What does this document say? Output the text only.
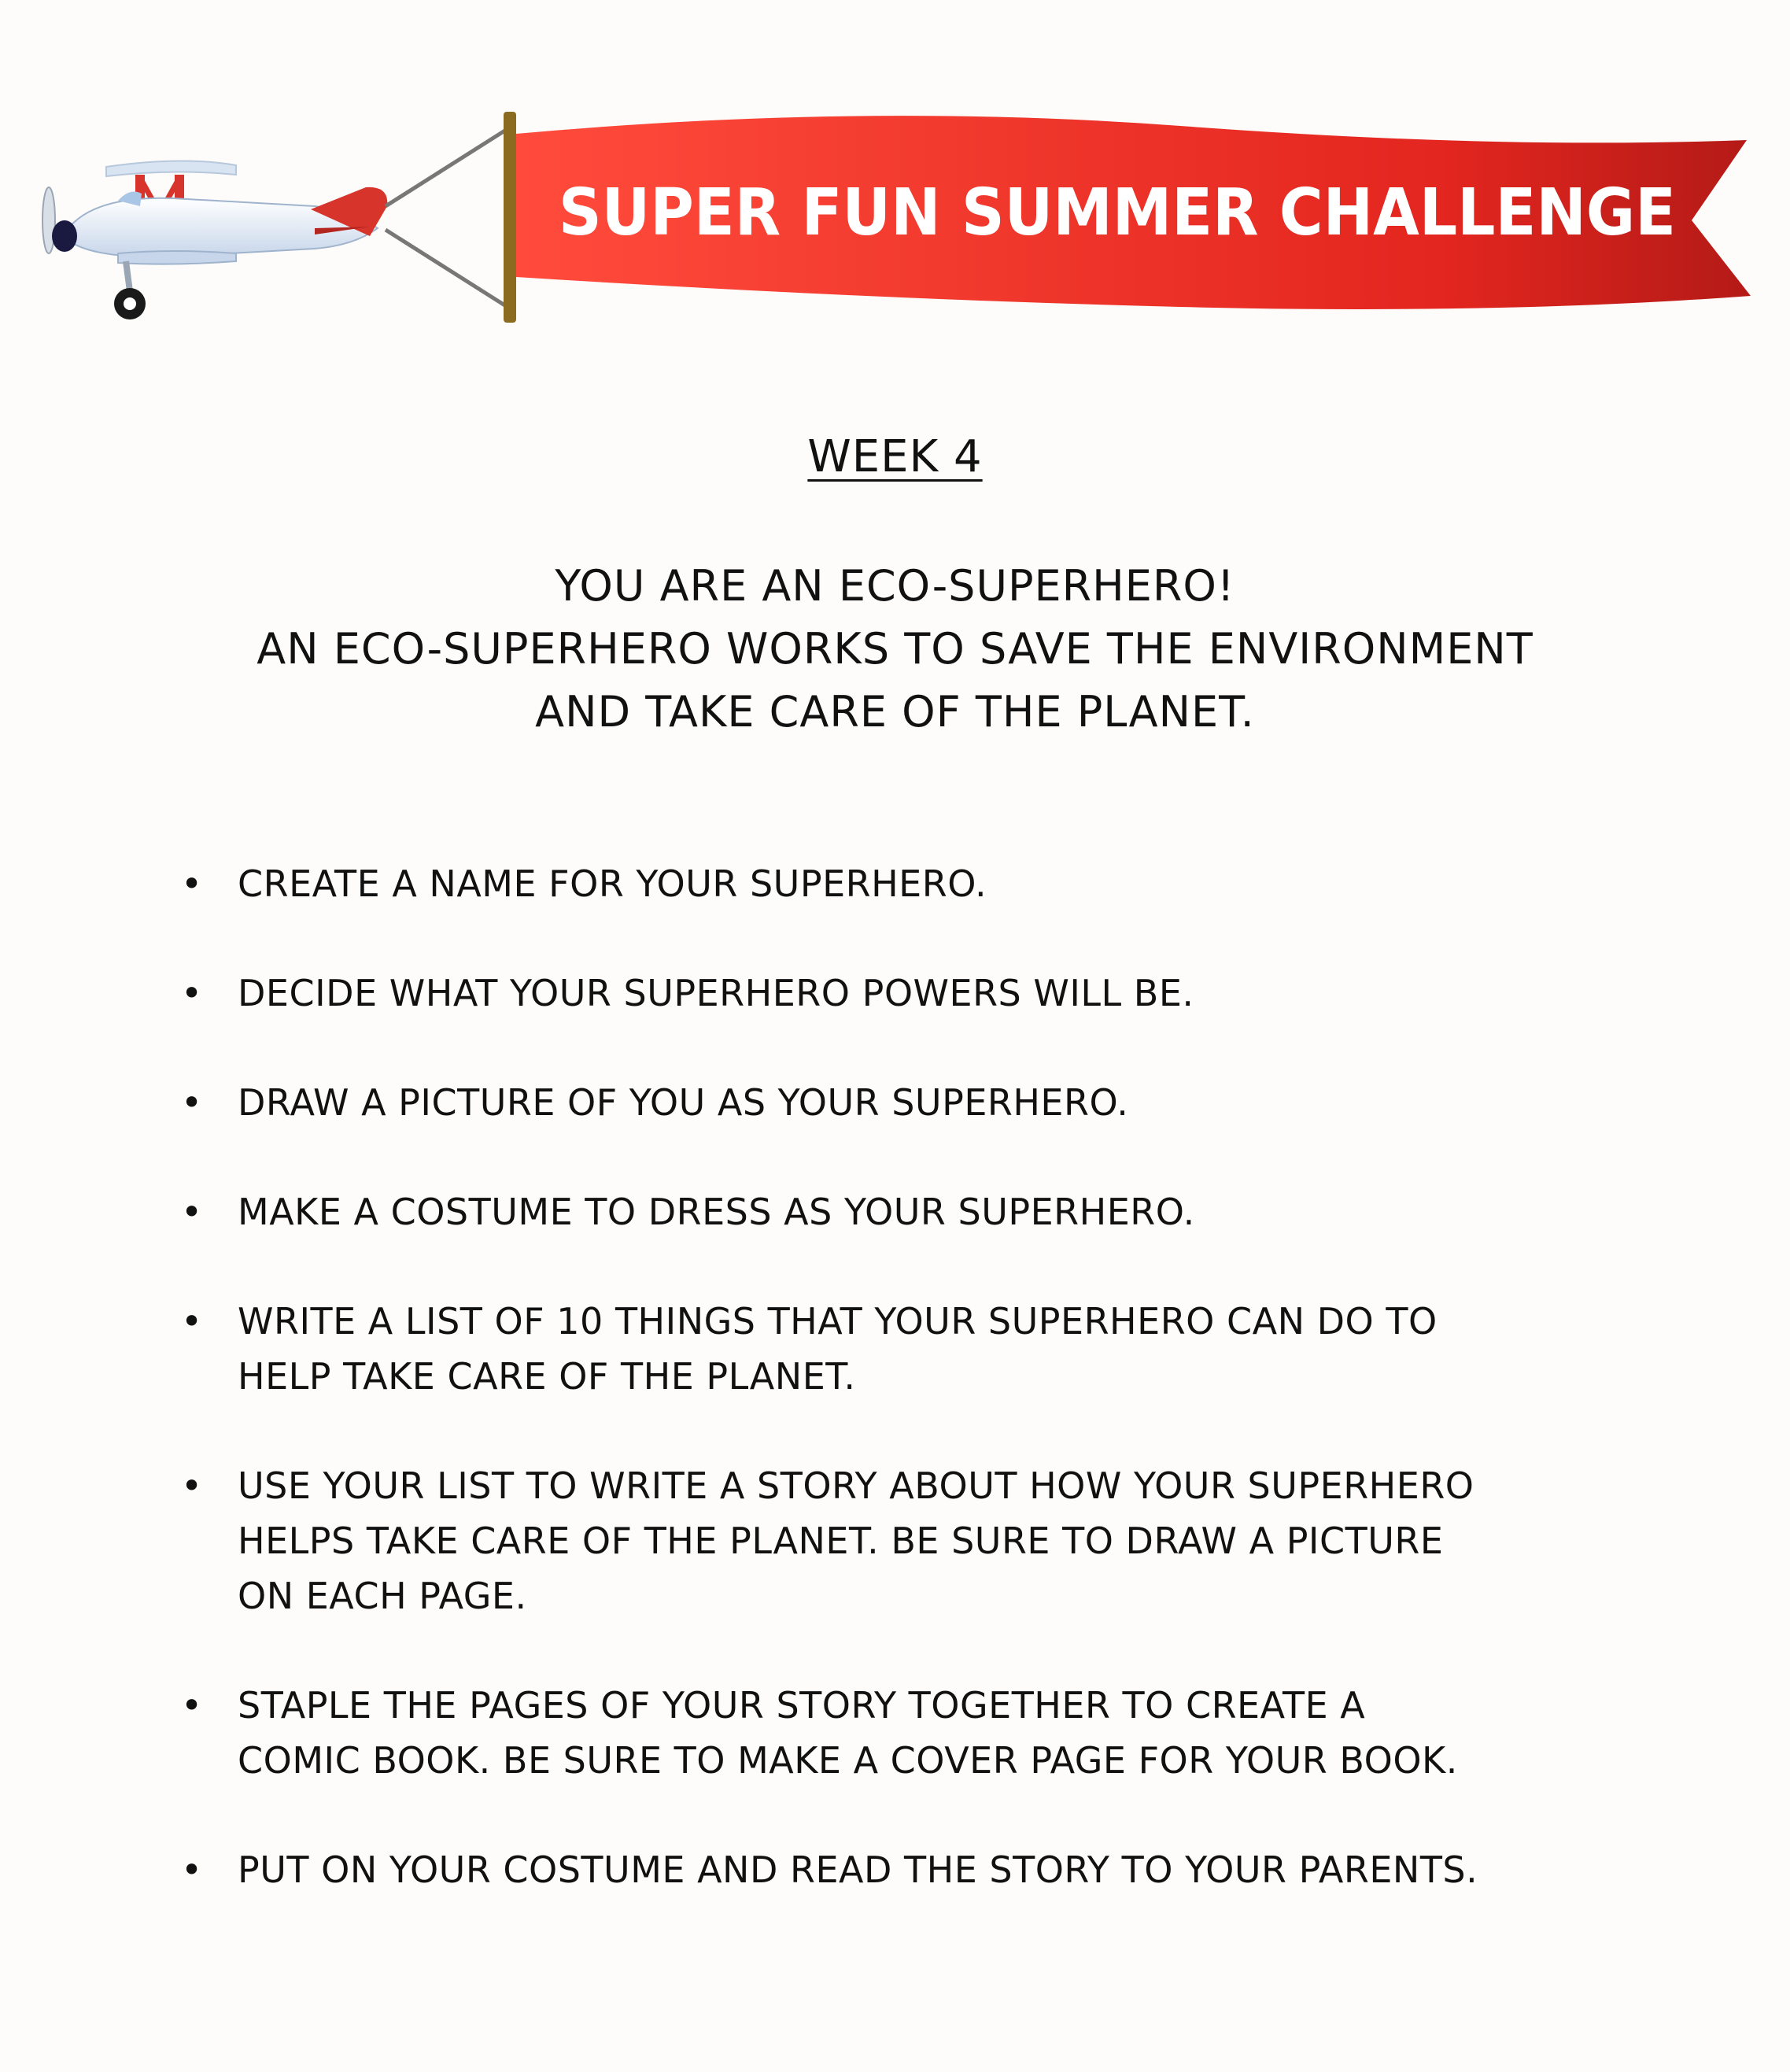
SUPER FUN SUMMER CHALLENGE
WEEK 4
YOU ARE AN ECO-SUPERHERO!
AN ECO-SUPERHERO WORKS TO SAVE THE ENVIRONMENT
AND TAKE CARE OF THE PLANET.
• CREATE A NAME FOR YOUR SUPERHERO.
• DECIDE WHAT YOUR SUPERHERO POWERS WILL BE.
• DRAW A PICTURE OF YOU AS YOUR SUPERHERO.
• MAKE A COSTUME TO DRESS AS YOUR SUPERHERO.
• WRITE A LIST OF 10 THINGS THAT YOUR SUPERHERO CAN DO TO
HELP TAKE CARE OF THE PLANET.
• USE YOUR LIST TO WRITE A STORY ABOUT HOW YOUR SUPERHERO
HELPS TAKE CARE OF THE PLANET. BE SURE TO DRAW A PICTURE
ON EACH PAGE.
• STAPLE THE PAGES OF YOUR STORY TOGETHER TO CREATE A
COMIC BOOK. BE SURE TO MAKE A COVER PAGE FOR YOUR BOOK.
• PUT ON YOUR COSTUME AND READ THE STORY TO YOUR PARENTS.
